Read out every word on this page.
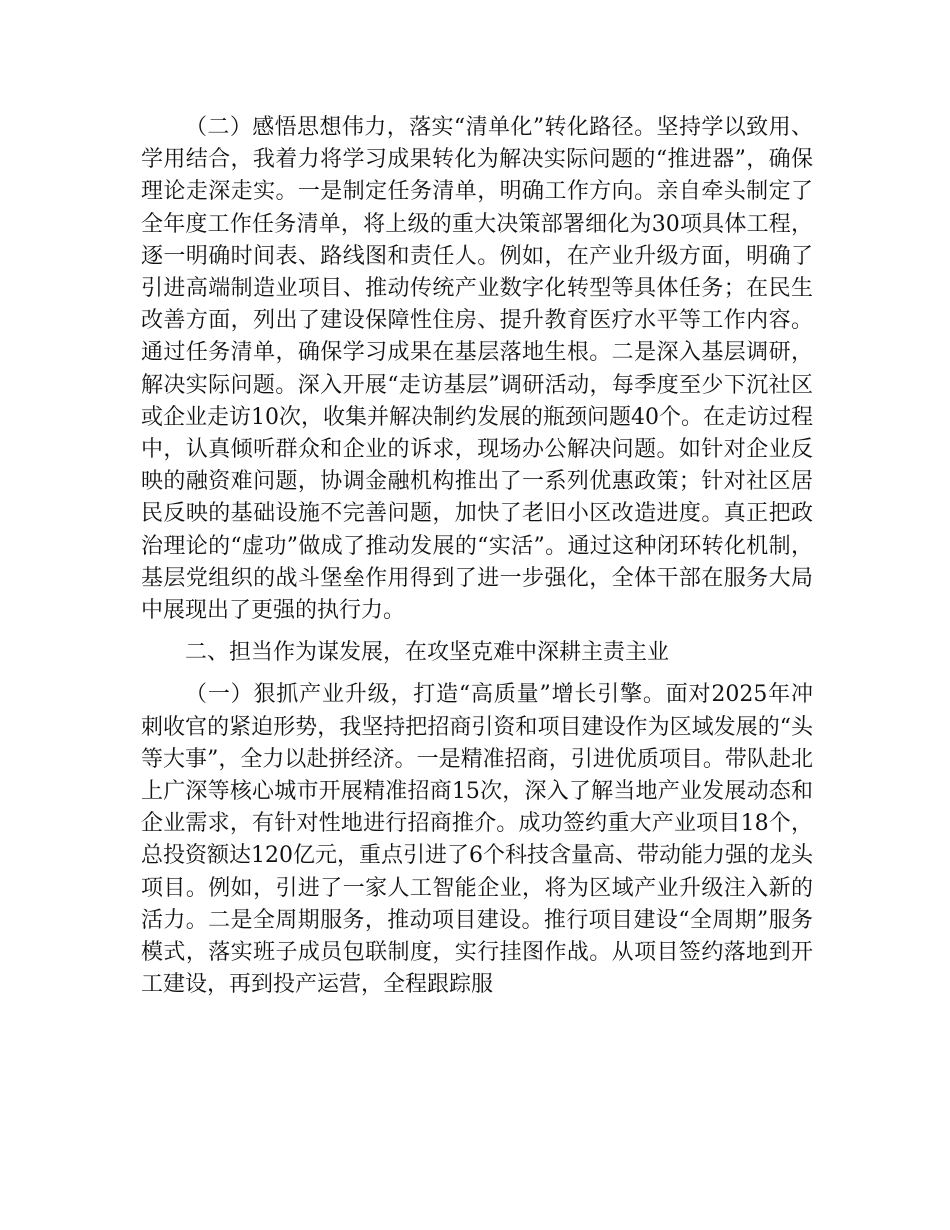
（二）感悟思想伟力，落实“清单化”转化路径。坚持学以致用、学用结合，我着力将学习成果转化为解决实际问题的“推进器”，确保理论走深走实。一是制定任务清单，明确工作方向。亲自牵头制定了全年度工作任务清单，将上级的重大决策部署细化为30项具体工程，逐一明确时间表、路线图和责任人。例如，在产业升级方面，明确了引进高端制造业项目、推动传统产业数字化转型等具体任务；在民生改善方面，列出了建设保障性住房、提升教育医疗水平等工作内容。通过任务清单，确保学习成果在基层落地生根。二是深入基层调研，解决实际问题。深入开展“走访基层”调研活动，每季度至少下沉社区或企业走访10次，收集并解决制约发展的瓶颈问题40个。在走访过程中，认真倾听群众和企业的诉求，现场办公解决问题。如针对企业反映的融资难问题，协调金融机构推出了一系列优惠政策；针对社区居民反映的基础设施不完善问题，加快了老旧小区改造进度。真正把政治理论的“虚功”做成了推动发展的“实活”。通过这种闭环转化机制，基层党组织的战斗堡垒作用得到了进一步强化，全体干部在服务大局中展现出了更强的执行力。

二、担当作为谋发展，在攻坚克难中深耕主责主业

（一）狠抓产业升级，打造“高质量”增长引擎。面对2025年冲刺收官的紧迫形势，我坚持把招商引资和项目建设作为区域发展的“头等大事”，全力以赴拼经济。一是精准招商，引进优质项目。带队赴北上广深等核心城市开展精准招商15次，深入了解当地产业发展动态和企业需求，有针对性地进行招商推介。成功签约重大产业项目18个，总投资额达120亿元，重点引进了6个科技含量高、带动能力强的龙头项目。例如，引进了一家人工智能企业，将为区域产业升级注入新的活力。二是全周期服务，推动项目建设。推行项目建设“全周期”服务模式，落实班子成员包联制度，实行挂图作战。从项目签约落地到开工建设，再到投产运营，全程跟踪服
